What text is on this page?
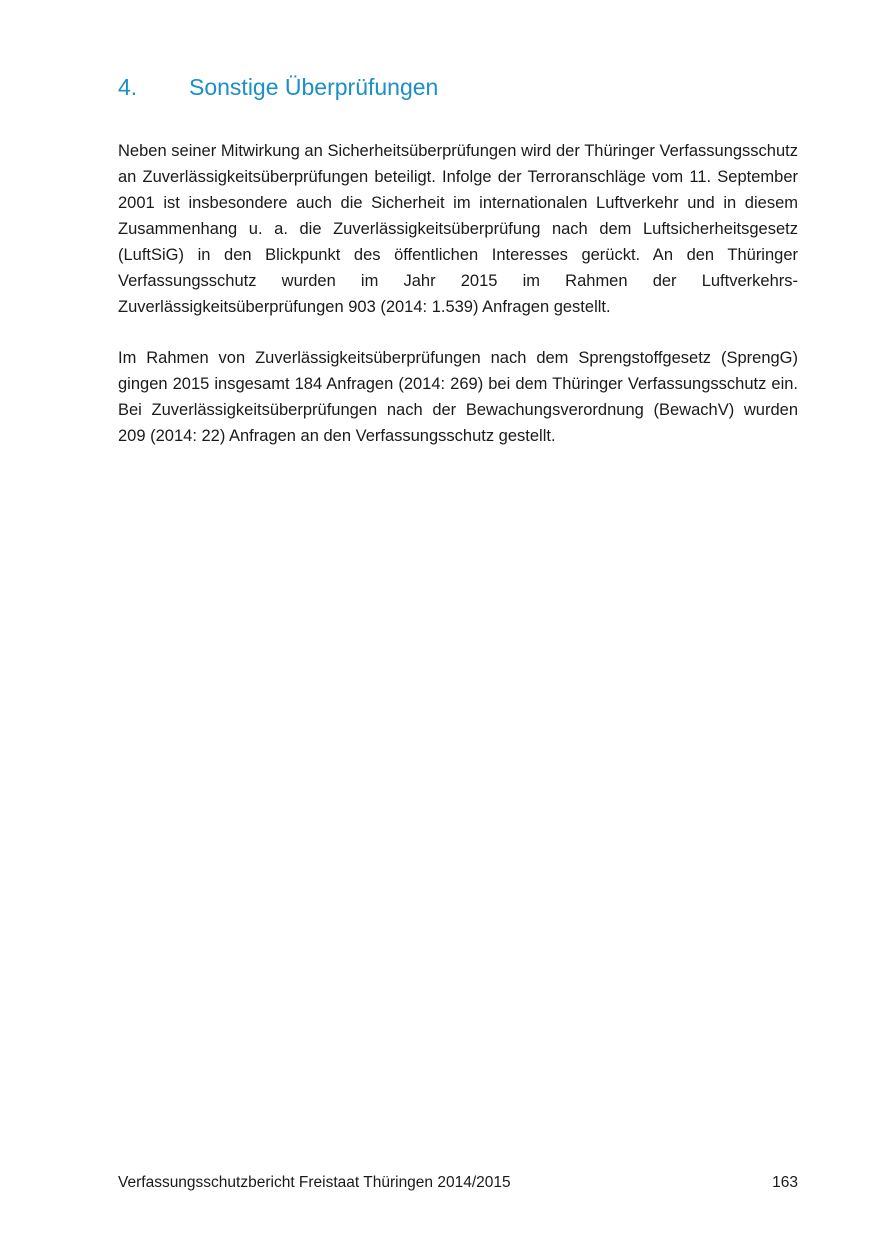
4. Sonstige Überprüfungen

Neben seiner Mitwirkung an Sicherheitsüberprüfungen wird der Thüringer Verfassungsschutz an Zuverlässigkeitsüberprüfungen beteiligt. Infolge der Terroranschläge vom 11. September 2001 ist insbesondere auch die Sicherheit im internationalen Luftverkehr und in diesem Zusammenhang u. a. die Zuverlässigkeitsüberprüfung nach dem Luftsicherheitsgesetz (LuftSiG) in den Blickpunkt des öffentlichen Interesses gerückt. An den Thüringer Verfassungsschutz wurden im Jahr 2015 im Rahmen der Luftverkehrs-Zuverlässigkeitsüberprüfungen 903 (2014: 1.539) Anfragen gestellt.

Im Rahmen von Zuverlässigkeitsüberprüfungen nach dem Sprengstoffgesetz (SprengG) gingen 2015 insgesamt 184 Anfragen (2014: 269) bei dem Thüringer Verfassungsschutz ein. Bei Zuverlässigkeitsüberprüfungen nach der Bewachungsverordnung (BewachV) wurden 209 (2014: 22) Anfragen an den Verfassungsschutz gestellt.

Verfassungsschutzbericht Freistaat Thüringen 2014/2015	163
